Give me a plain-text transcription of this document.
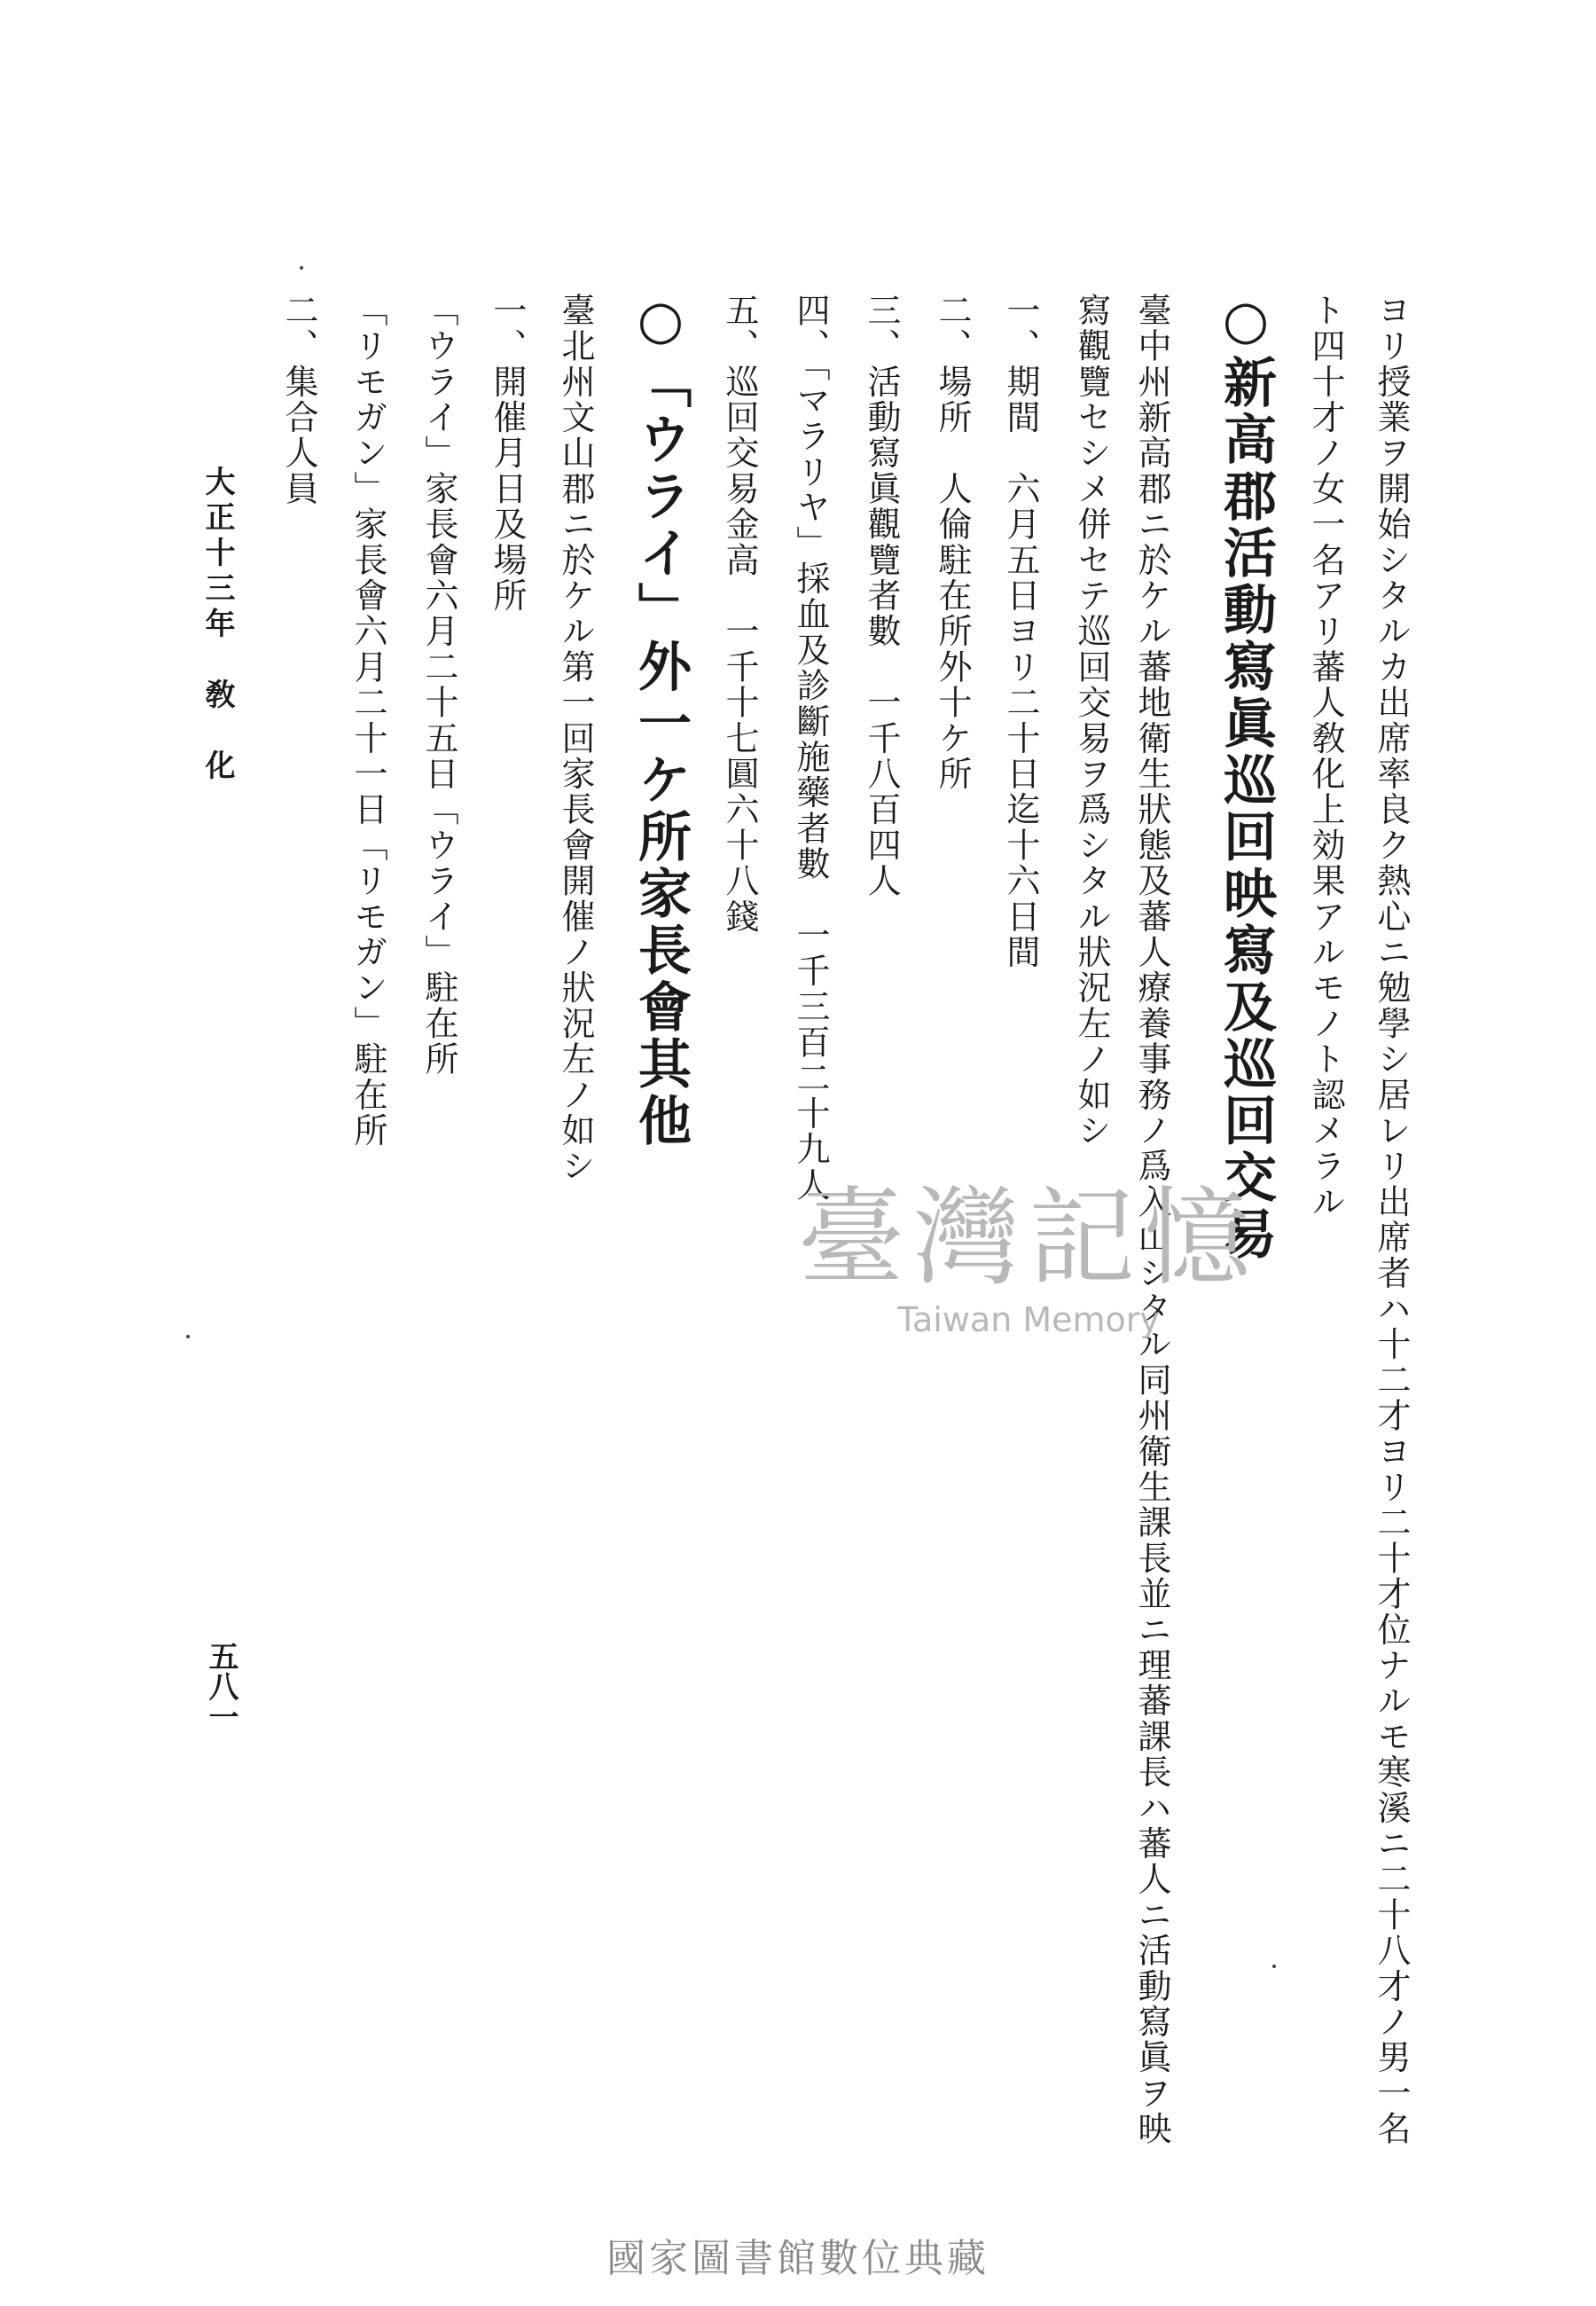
ヨリ授業ヲ開始シタルカ出席率良ク熱心ニ勉學シ居レリ出席者ハ十二才ヨリ二十才位ナルモ寒溪ニ二十八才ノ男一名
ト四十才ノ女一名アリ蕃人敎化上効果アルモノト認メラル
○新高郡活動寫眞巡回映寫及巡回交易
臺中州新高郡ニ於ケル蕃地衛生狀態及蕃人療養事務ノ爲入山シタル同州衛生課長並ニ理蕃課長ハ蕃人ニ活動寫眞ヲ映
寫觀覽セシメ併セテ巡回交易ヲ爲シタル狀況左ノ如シ
一、期間　六月五日ヨリ二十日迄十六日間
二、場所　人倫駐在所外十ケ所
三、活動寫眞觀覽者數　一千八百四人
四、「マラリヤ」採血及診斷施藥者數　一千三百二十九人
五、巡回交易金高　一千十七圓六十八錢
○「ウライ」外一ケ所家長會其他
臺北州文山郡ニ於ケル第一回家長會開催ノ狀況左ノ如シ
一、開催月日及場所
「ウライ」家長會六月二十五日「ウライ」駐在所
「リモガン」家長會六月二十一日「リモガン」駐在所
二、集合人員
大正十三年　敎　化
五八一
臺灣記憶
Taiwan Memory
國家圖書館數位典藏
